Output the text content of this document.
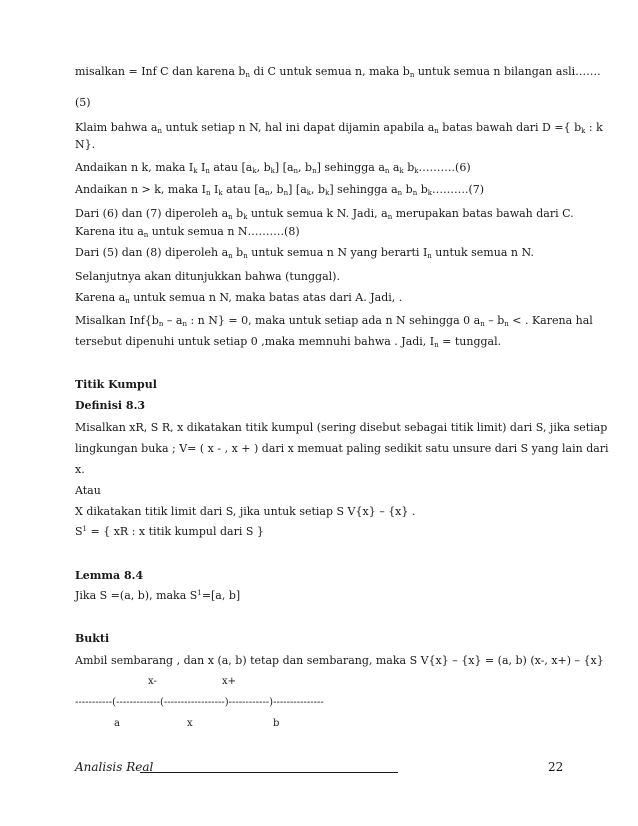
misalkan = Inf C dan karena $b_n$ di C untuk semua n, maka $b_n$ untuk semua n bilangan asli…….
(5)
Klaim bahwa $a_n$ untuk setiap n N, hal ini dapat dijamin apabila $a_n$ batas bawah dari D ={ $b_k$ : k
N}.
Andaikan n k, maka $I_k$ $I_n$ atau [$a_k$, $b_k$] [$a_n$, $b_n$] sehingga $a_n$ $a_k$ $b_k\dots\dots\dots.(6)$
Andaikan n > k, maka $I_n$ $I_k$ atau [$a_n$, $b_n$] [$a_k$, $b_k$] sehingga $a_n$ $b_n$ $b_k\dots\dots\dots.(7)$
Dari (6) dan (7) diperoleh $a_n$ $b_k$ untuk semua k N. Jadi, $a_n$ merupakan batas bawah dari C.
Karena itu $a_n$ untuk semua n N……….(8)
Dari (5) dan (8) diperoleh $a_n$ $b_n$ untuk semua n N yang berarti $I_n$ untuk semua n N.
Selanjutnya akan ditunjukkan bahwa (tunggal).
Karena $a_n$ untuk semua n N, maka batas atas dari A. Jadi, .
Misalkan $Inf\{b_n - a_n$ : n N} = 0, maka untuk setiap ada n N sehingga 0 $a_n - b_n$ < . Karena hal
tersebut dipenuhi untuk setiap 0 ,maka memnuhi bahwa . Jadi, $I_n$ = tunggal.
Titik Kumpul
Definisi 8.3
Misalkan xR, S R, x dikatakan titik kumpul (sering disebut sebagai titik limit) dari S, jika setiap
lingkungan buka ; V= ( x - , x + ) dari x memuat paling sedikit satu unsure dari S yang lain dari
x.
Atau
X dikatakan titik limit dari S, jika untuk setiap S V{x} – {x} .
$S^1$ = { xR : x titik kumpul dari S }
Lemma 8.4
Jika S =(a, b), maka $S^1=[a$, b]
Bukti
Ambil sembarang , dan x (a, b) tetap dan sembarang, maka S V{x} – {x} = (a, b) (x-, x+) – {x}
x-	x+
-----------(-------------(------------------)------------)---------------
a	x	b
Analisis Real	22
